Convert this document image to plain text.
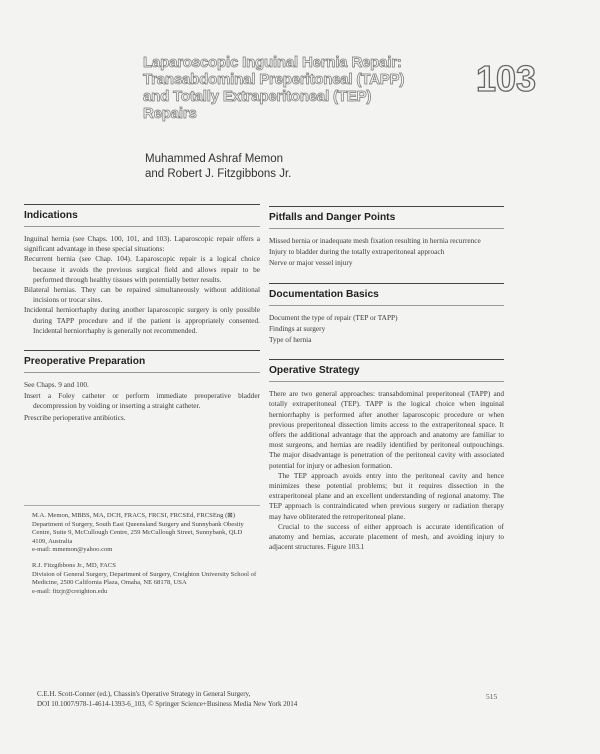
Laparoscopic Inguinal Hernia Repair:
Transabdominal Preperitoneal (TAPP)
and Totally Extraperitoneal (TEP)
Repairs
103
Muhammed Ashraf Memon
and Robert J. Fitzgibbons Jr.
Indications

Inguinal hernia (see Chaps. 100, 101, and 103). Laparoscopic repair offers a significant advantage in these special situations:

Recurrent hernia (see Chap. 104). Laparoscopic repair is a logical choice because it avoids the previous surgical field and allows repair to be performed through healthy tissues with potentially better results.

Bilateral hernias. They can be repaired simultaneously without additional incisions or trocar sites.

Incidental herniorrhaphy during another laparoscopic surgery is only possible during TAPP procedure and if the patient is appropriately consented. Incidental herniorrhaphy is generally not recommended.

Preoperative Preparation

See Chaps. 9 and 100.

Insert a Foley catheter or perform immediate preoperative bladder decompression by voiding or inserting a straight catheter.

Prescribe perioperative antibiotics.

M.A. Memon, MBBS, MA, DCH, FRACS, FRCSI, FRCSEd, FRCSEng (⊠)
Department of Surgery, South East Queensland Surgery and Sunnybank Obesity Centre, Suite 9, McCullough Centre, 259 McCullough Street, Sunnybank, QLD 4109, Australia
e-mail: mmemon@yahoo.com

R.J. Fitzgibbons Jr., MD, FACS
Division of General Surgery, Department of Surgery, Creighton University School of Medicine, 2500 California Plaza, Omaha, NE 68178, USA
e-mail: fitzjr@creighton.edu

Pitfalls and Danger Points

Missed hernia or inadequate mesh fixation resulting in hernia recurrence

Injury to bladder during the totally extraperitoneal approach

Nerve or major vessel injury

Documentation Basics

Document the type of repair (TEP or TAPP)

Findings at surgery

Type of hernia

Operative Strategy

There are two general approaches: transabdominal preperitoneal (TAPP) and totally extraperitoneal (TEP). TAPP is the logical choice when inguinal herniorrhaphy is performed after another laparoscopic procedure or when previous preperitoneal dissection limits access to the extraperitoneal space. It offers the additional advantage that the approach and anatomy are familiar to most surgeons, and hernias are readily identified by peritoneal outpouchings. The major disadvantage is penetration of the peritoneal cavity with associated potential for injury or adhesion formation.

The TEP approach avoids entry into the peritoneal cavity and hence minimizes these potential problems; but it requires dissection in the extraperitoneal plane and an excellent understanding of regional anatomy. The TEP approach is contraindicated when previous surgery or radiation therapy may have obliterated the retroperitoneal plane.

Crucial to the success of either approach is accurate identification of anatomy and hernias, accurate placement of mesh, and avoiding injury to adjacent structures. Figure 103.1

C.E.H. Scott-Conner (ed.), Chassin's Operative Strategy in General Surgery,
DOI 10.1007/978-1-4614-1393-6_103, © Springer Science+Business Media New York 2014
515
